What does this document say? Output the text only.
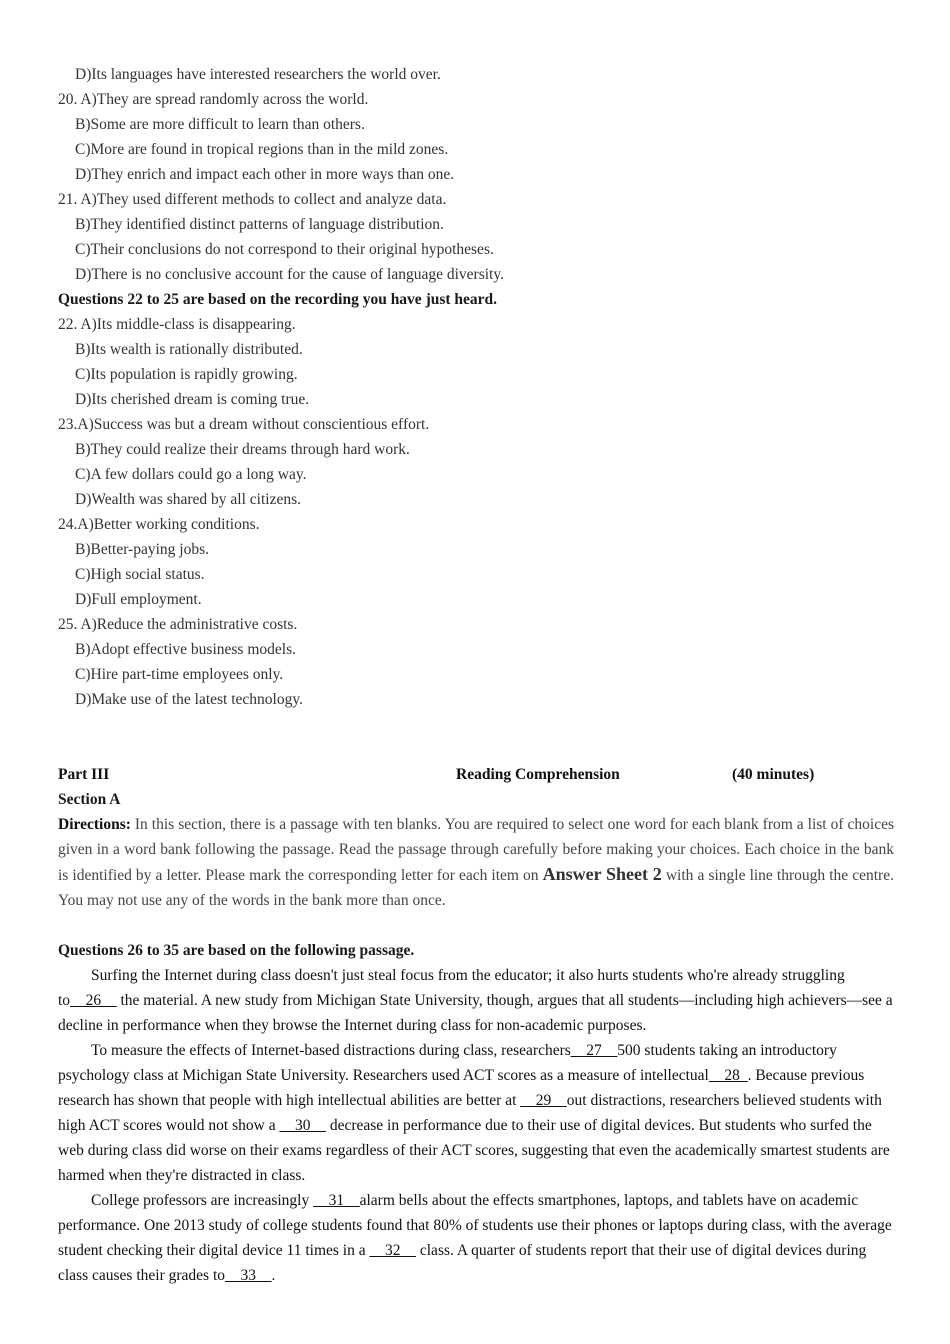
D)Its languages have interested researchers the world over.
20. A)They are spread randomly across the world.
B)Some are more difficult to learn than others.
C)More are found in tropical regions than in the mild zones.
D)They enrich and impact each other in more ways than one.
21. A)They used different methods to collect and analyze data.
B)They identified distinct patterns of language distribution.
C)Their conclusions do not correspond to their original hypotheses.
D)There is no conclusive account for the cause of language diversity.
Questions 22 to 25 are based on the recording you have just heard.
22. A)Its middle-class is disappearing.
B)Its wealth is rationally distributed.
C)Its population is rapidly growing.
D)Its cherished dream is coming true.
23.A)Success was but a dream without conscientious effort.
B)They could realize their dreams through hard work.
C)A few dollars could go a long way.
D)Wealth was shared by all citizens.
24.A)Better working conditions.
B)Better-paying jobs.
C)High social status.
D)Full employment.
25. A)Reduce the administrative costs.
B)Adopt effective business models.
C)Hire part-time employees only.
D)Make use of the latest technology.
Part III	Reading Comprehension	(40 minutes)
Section A
Directions: In this section, there is a passage with ten blanks. You are required to select one word for each blank from a list of choices given in a word bank following the passage. Read the passage through carefully before making your choices. Each choice in the bank is identified by a letter. Please mark the corresponding letter for each item on Answer Sheet 2 with a single line through the centre. You may not use any of the words in the bank more than once.
Questions 26 to 35 are based on the following passage.
Surfing the Internet during class doesn't just steal focus from the educator; it also hurts students who're already struggling to__26__ the material. A new study from Michigan State University, though, argues that all students—including high achievers—see a decline in performance when they browse the Internet during class for non-academic purposes.
To measure the effects of Internet-based distractions during class, researchers__27__500 students taking an introductory psychology class at Michigan State University. Researchers used ACT scores as a measure of intellectual    28_. Because previous research has shown that people with high intellectual abilities are better at __29__out distractions, researchers believed students with high ACT scores would not show a __30__ decrease in performance due to their use of digital devices. But students who surfed the web during class did worse on their exams regardless of their ACT scores, suggesting that even the academically smartest students are harmed when they're distracted in class.
College professors are increasingly __31__alarm bells about the effects smartphones, laptops, and tablets have on academic performance. One 2013 study of college students found that 80% of students use their phones or laptops during class, with the average student checking their digital device 11 times in a __32__ class. A quarter of students report that their use of digital devices during class causes their grades to__33__.
